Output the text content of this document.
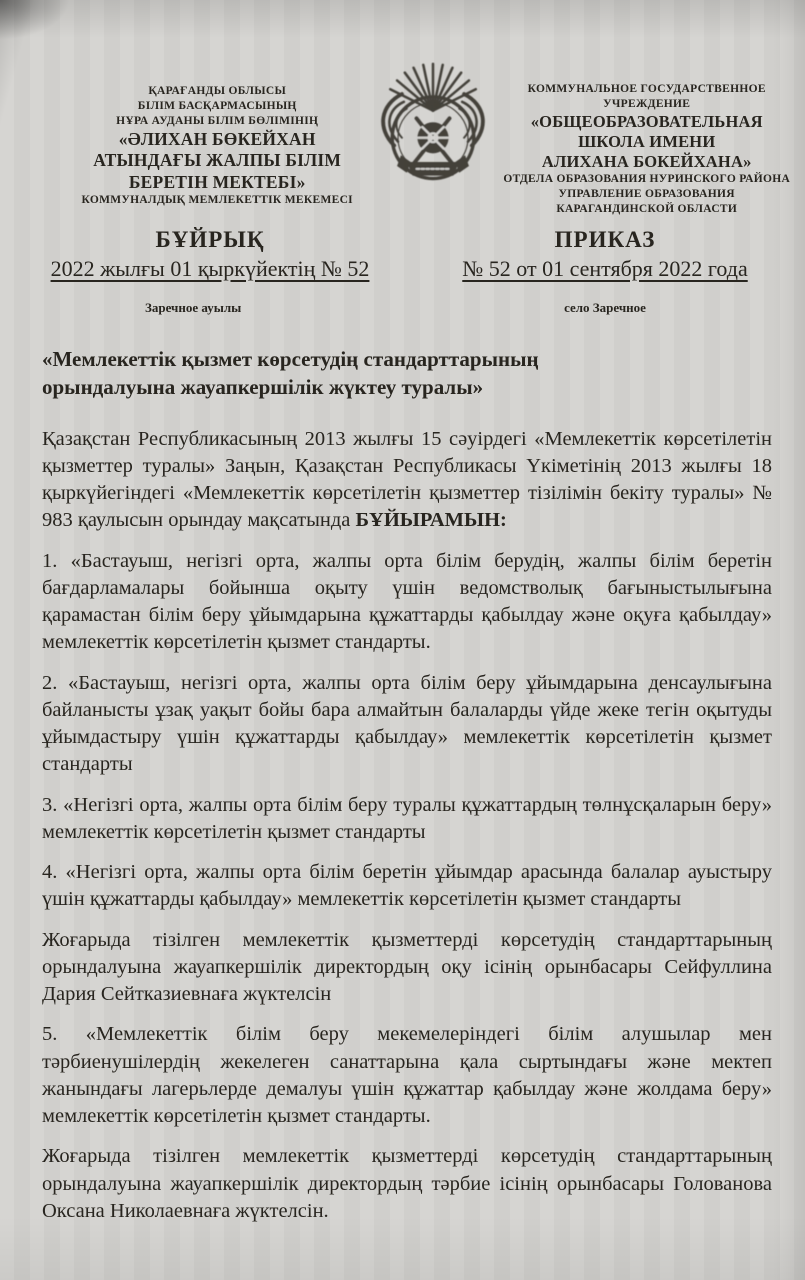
ҚАРАҒАНДЫ ОБЛЫСЫ
БІЛІМ БАСҚАРМАСЫНЫҢ
НҰРА АУДАНЫ БІЛІМ БӨЛІМІНІҢ
«ӘЛИХАН БӨКЕЙХАН
АТЫНДАҒЫ ЖАЛПЫ БІЛІМ
БЕРЕТІН МЕКТЕБІ»
КОММУНАЛДЫҚ МЕМЛЕКЕТТІК МЕКЕМЕСІ
КОММУНАЛЬНОЕ ГОСУДАРСТВЕННОЕ УЧРЕЖДЕНИЕ
«ОБЩЕОБРАЗОВАТЕЛЬНАЯ
ШКОЛА ИМЕНИ
АЛИХАНА БОКЕЙХАНА»
ОТДЕЛА ОБРАЗОВАНИЯ НУРИНСКОГО РАЙОНА
УПРАВЛЕНИЕ ОБРАЗОВАНИЯ
КАРАГАНДИНСКОЙ ОБЛАСТИ
БҰЙРЫҚ
2022 жылғы 01 қыркүйектің № 52
ПРИКАЗ
№ 52 от 01 сентября 2022 года
Заречное ауылы	село Заречное
«Мемлекеттік қызмет көрсетудің стандарттарының
орындалуына жауапкершілік жүктеу туралы»

Қазақстан Республикасының 2013 жылғы 15 сәуірдегі «Мемлекеттік көрсетілетін қызметтер туралы» Заңын, Қазақстан Республикасы Үкіметінің 2013 жылғы 18 қыркүйегіндегі «Мемлекеттік көрсетілетін қызметтер тізілімін бекіту туралы» № 983 қаулысын орындау мақсатында БҰЙЫРАМЫН:

1. «Бастауыш, негізгі орта, жалпы орта білім берудің, жалпы білім беретін бағдарламалары бойынша оқыту үшін ведомстволық бағыныстылығына қарамастан білім беру ұйымдарына құжаттарды қабылдау және оқуға қабылдау» мемлекеттік көрсетілетін қызмет стандарты.

2. «Бастауыш, негізгі орта, жалпы орта білім беру ұйымдарына денсаулығына байланысты ұзақ уақыт бойы бара алмайтын балаларды үйде жеке тегін оқытуды ұйымдастыру үшін құжаттарды қабылдау» мемлекеттік көрсетілетін қызмет стандарты

3. «Негізгі орта, жалпы орта білім беру туралы құжаттардың төлнұсқаларын беру» мемлекеттік көрсетілетін қызмет стандарты

4. «Негізгі орта, жалпы орта білім беретін ұйымдар арасында балалар ауыстыру үшін құжаттарды қабылдау» мемлекеттік көрсетілетін қызмет стандарты

Жоғарыда тізілген мемлекеттік қызметтерді көрсетудің стандарттарының орындалуына жауапкершілік директордың оқу ісінің орынбасары Сейфуллина Дария Сейтказиевнаға жүктелсін

5. «Мемлекеттік білім беру мекемелеріндегі білім алушылар мен тәрбиенушілердің жекелеген санаттарына қала сыртындағы және мектеп жанындағы лагерьлерде демалуы үшін құжаттар қабылдау және жолдама беру» мемлекеттік көрсетілетін қызмет стандарты.

Жоғарыда тізілген мемлекеттік қызметтерді көрсетудің стандарттарының орындалуына жауапкершілік директордың тәрбие ісінің орынбасары Голованова Оксана Николаевнаға жүктелсін.
